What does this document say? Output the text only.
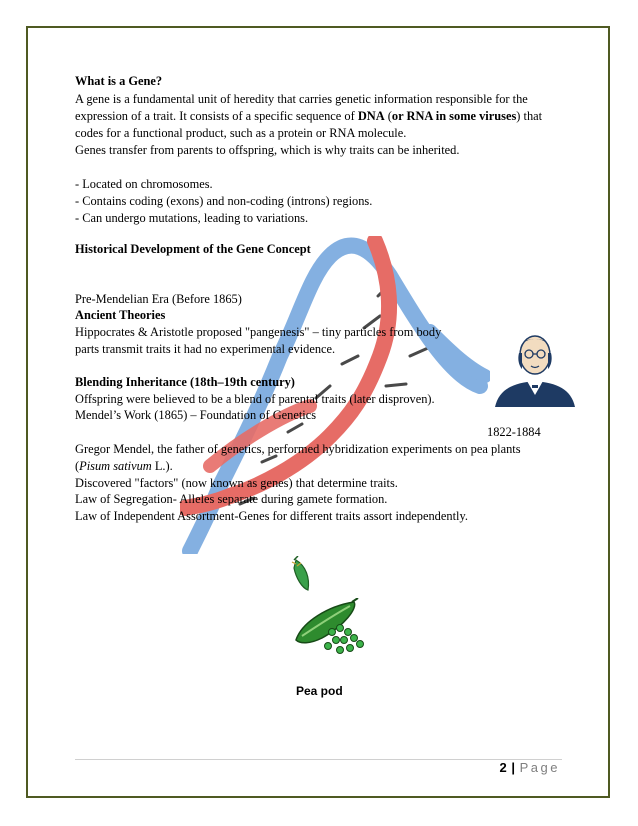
What is a Gene?
A gene is a fundamental unit of heredity that carries genetic information responsible for the
expression of a trait. It consists of a specific sequence of DNA (or RNA in some viruses) that
codes for a functional product, such as a protein or RNA molecule.
Genes transfer from parents to offspring, which is why traits can be inherited.
- Located on chromosomes.
- Contains coding (exons) and non-coding (introns) regions.
- Can undergo mutations, leading to variations.
Historical Development of the Gene Concept
Pre-Mendelian Era (Before 1865)
Ancient Theories
Hippocrates & Aristotle proposed "pangenesis" – tiny particles from body
parts transmit traits it had no experimental evidence.
Blending Inheritance (18th–19th century)
Offspring were believed to be a blend of parental traits (later disproven).
Mendel’s Work (1865) – Foundation of Genetics
1822-1884
Gregor Mendel, the father of genetics, performed hybridization experiments on pea plants
(Pisum sativum L.).
Discovered "factors" (now known as genes) that determine traits.
Law of Segregation- Alleles separate during gamete formation.
Law of Independent Assortment-Genes for different traits assort independently.
Pea pod
2 | Page
